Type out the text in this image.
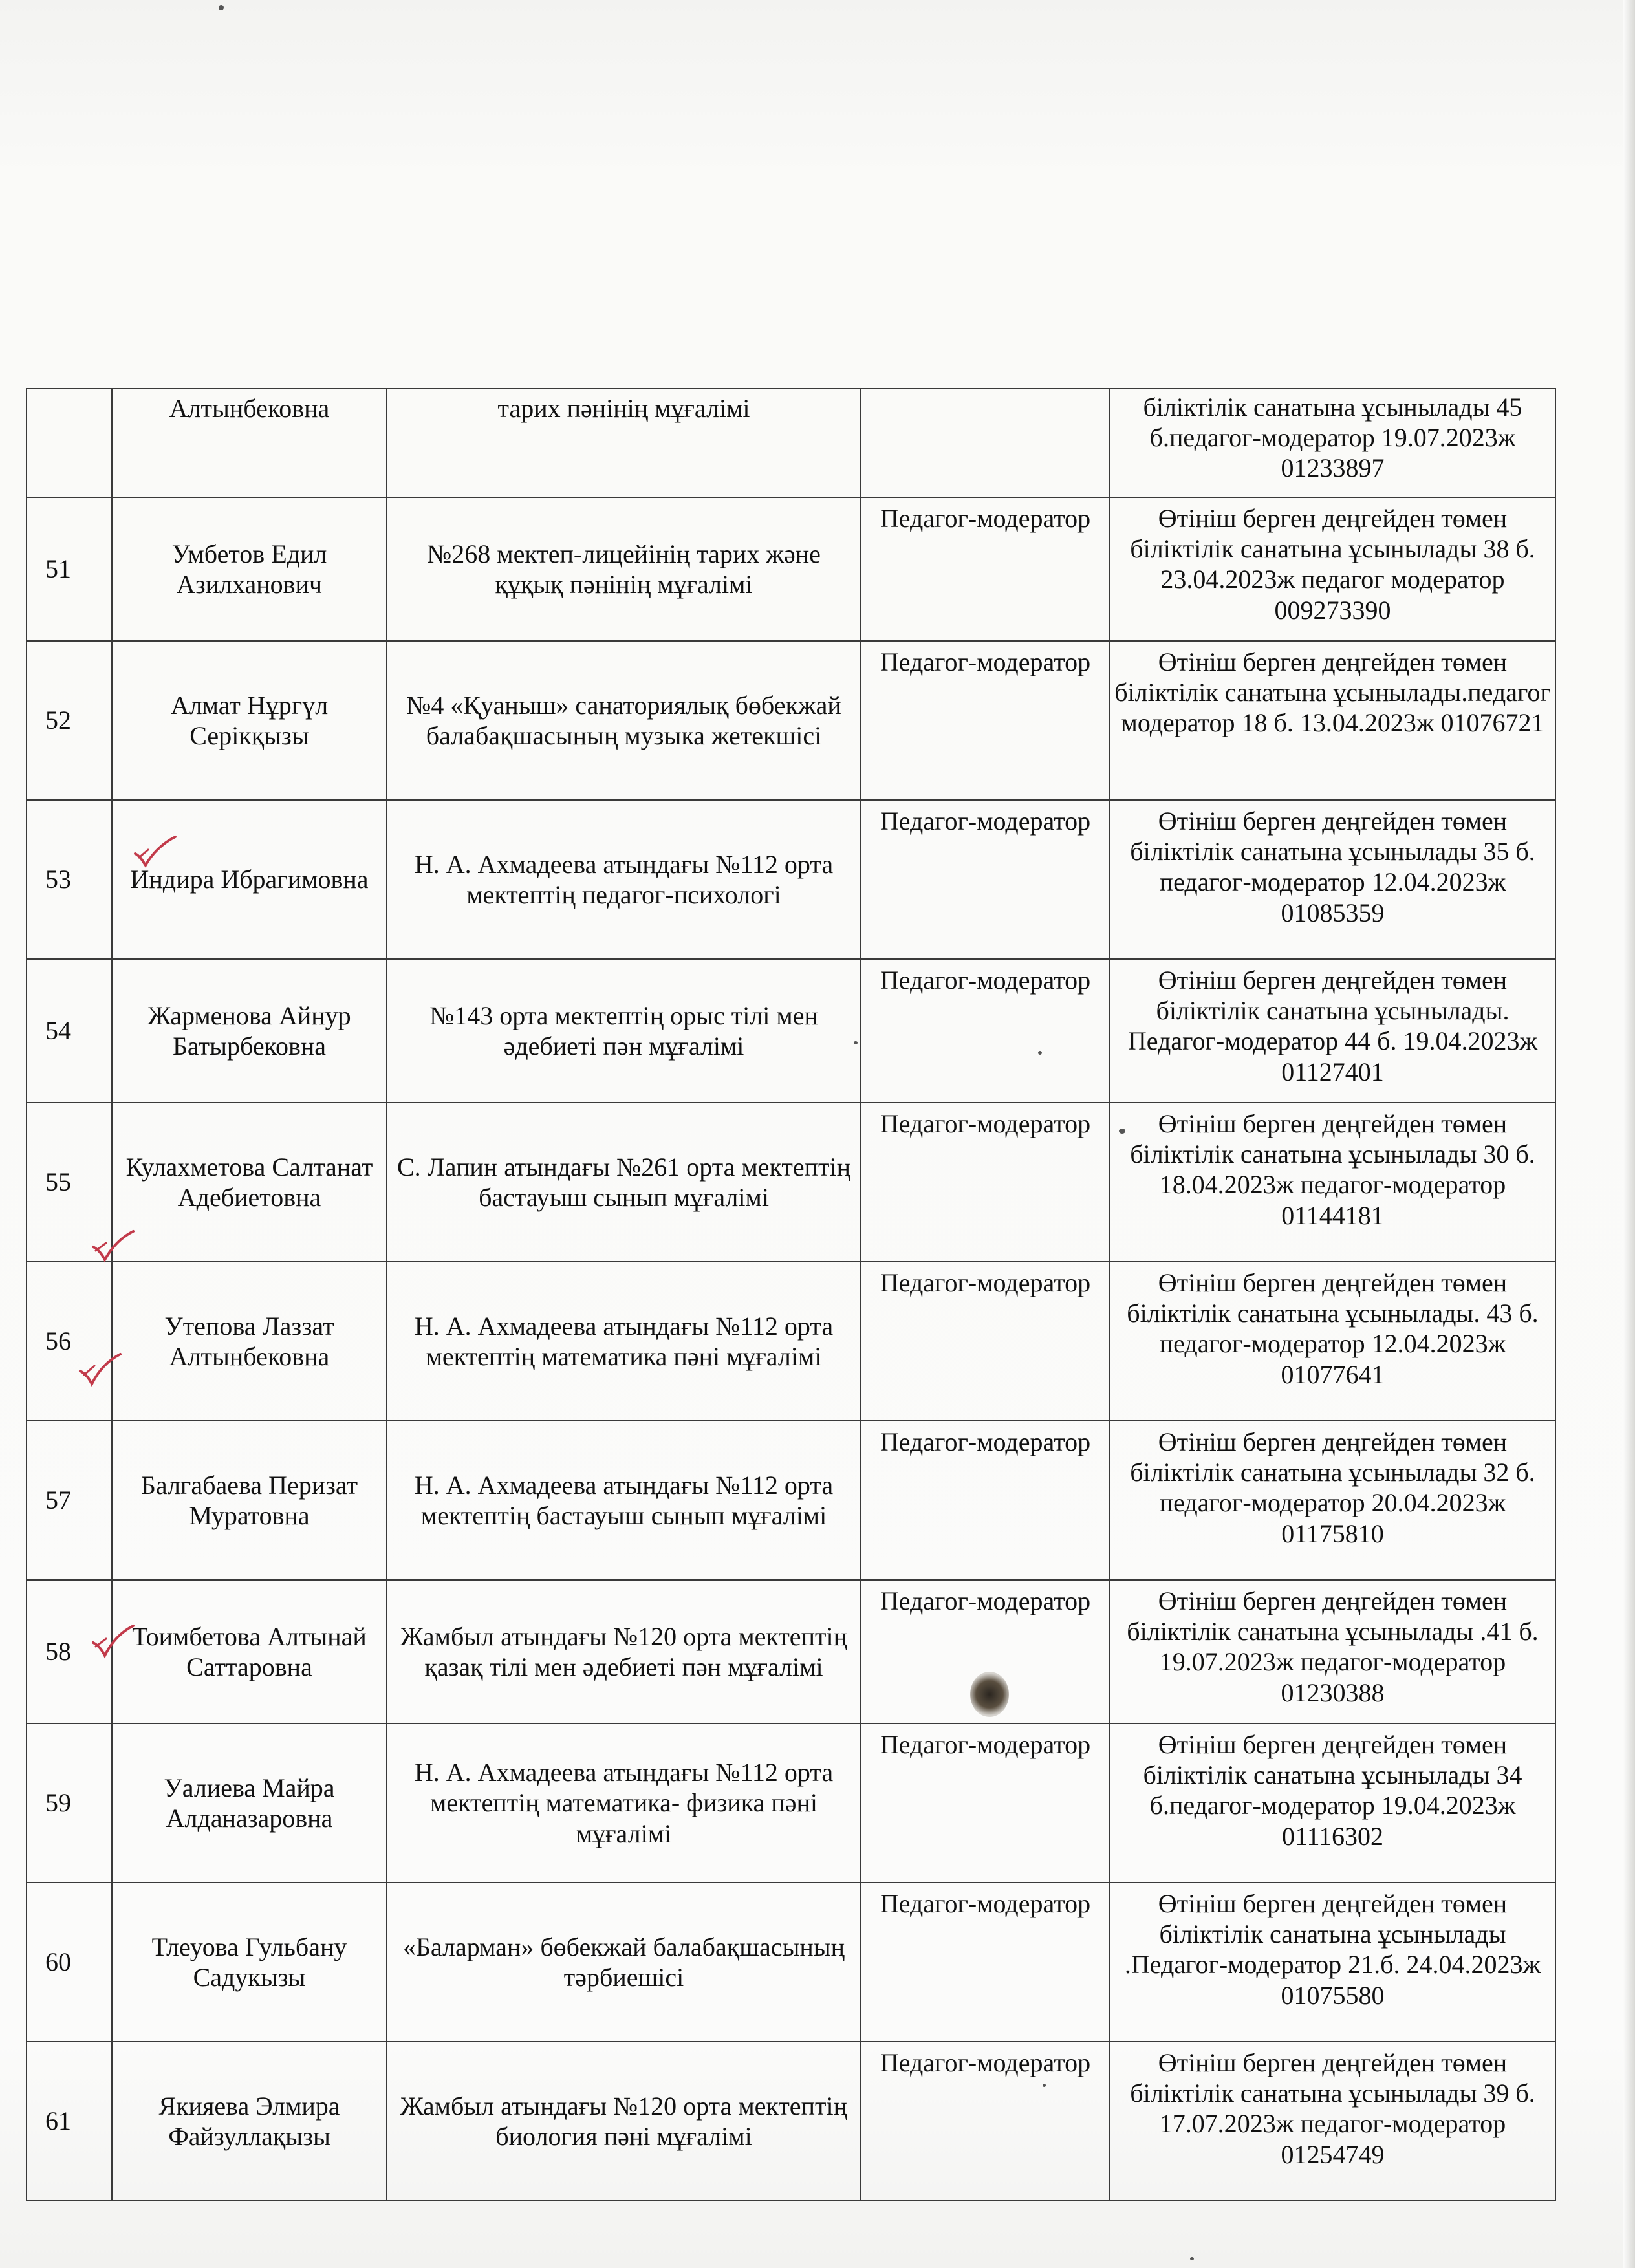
	Алтынбековна	тарих пәнінің мұғалімі		біліктілік санатына ұсынылады 45 б.педагог-модератор 19.07.2023ж 01233897
51	Умбетов Едил Азилханович	№268 мектеп-лицейінің тарих және құқық пәнінің мұғалімі	Педагог-модератор	Өтініш берген деңгейден төмен біліктілік санатына ұсынылады 38 б. 23.04.2023ж педагог модератор 009273390
52	Алмат Нұргүл Серікқызы	№4 «Қуаныш» санаториялық бөбекжай балабақшасының музыка жетекшісі	Педагог-модератор	Өтініш берген деңгейден төмен біліктілік санатына ұсынылады.педагог модератор 18 б. 13.04.2023ж 01076721
53	Индира Ибрагимовна	Н. А. Ахмадеева атындағы №112 орта мектептің педагог-психологі	Педагог-модератор	Өтініш берген деңгейден төмен біліктілік санатына ұсынылады 35 б. педагог-модератор 12.04.2023ж 01085359
54	Жарменова Айнур Батырбековна	№143 орта мектептің орыс тілі мен әдебиеті пән мұғалімі	Педагог-модератор	Өтініш берген деңгейден төмен біліктілік санатына ұсынылады. Педагог-модератор 44 б. 19.04.2023ж 01127401
55	Кулахметова Салтанат Адебиетовна	С. Лапин атындағы №261 орта мектептің бастауыш сынып мұғалімі	Педагог-модератор	Өтініш берген деңгейден төмен біліктілік санатына ұсынылады 30 б. 18.04.2023ж педагог-модератор 01144181
56	Утепова Лаззат Алтынбековна	Н. А. Ахмадеева атындағы №112 орта мектептің математика пәні мұғалімі	Педагог-модератор	Өтініш берген деңгейден төмен біліктілік санатына ұсынылады. 43 б. педагог-модератор 12.04.2023ж 01077641
57	Балгабаева Перизат Муратовна	Н. А. Ахмадеева атындағы №112 орта мектептің бастауыш сынып мұғалімі	Педагог-модератор	Өтініш берген деңгейден төмен біліктілік санатына ұсынылады 32 б. педагог-модератор 20.04.2023ж 01175810
58	Тоимбетова Алтынай Саттаровна	Жамбыл атындағы №120 орта мектептің қазақ тілі мен әдебиеті пән мұғалімі	Педагог-модератор	Өтініш берген деңгейден төмен біліктілік санатына ұсынылады .41 б. 19.07.2023ж педагог-модератор 01230388
59	Уалиева Майра Алданазаровна	Н. А. Ахмадеева атындағы №112 орта мектептің математика- физика пәні мұғалімі	Педагог-модератор	Өтініш берген деңгейден төмен біліктілік санатына ұсынылады 34 б.педагог-модератор 19.04.2023ж 01116302
60	Тлеуова Гульбану Садукызы	«Баларман» бөбекжай балабақшасының тәрбиешісі	Педагог-модератор	Өтініш берген деңгейден төмен біліктілік санатына ұсынылады .Педагог-модератор 21.б. 24.04.2023ж 01075580
61	Якияева Элмира Файзуллақызы	Жамбыл атындағы №120 орта мектептің биология пәні мұғалімі	Педагог-модератор	Өтініш берген деңгейден төмен біліктілік санатына ұсынылады 39 б. 17.07.2023ж педагог-модератор 01254749
